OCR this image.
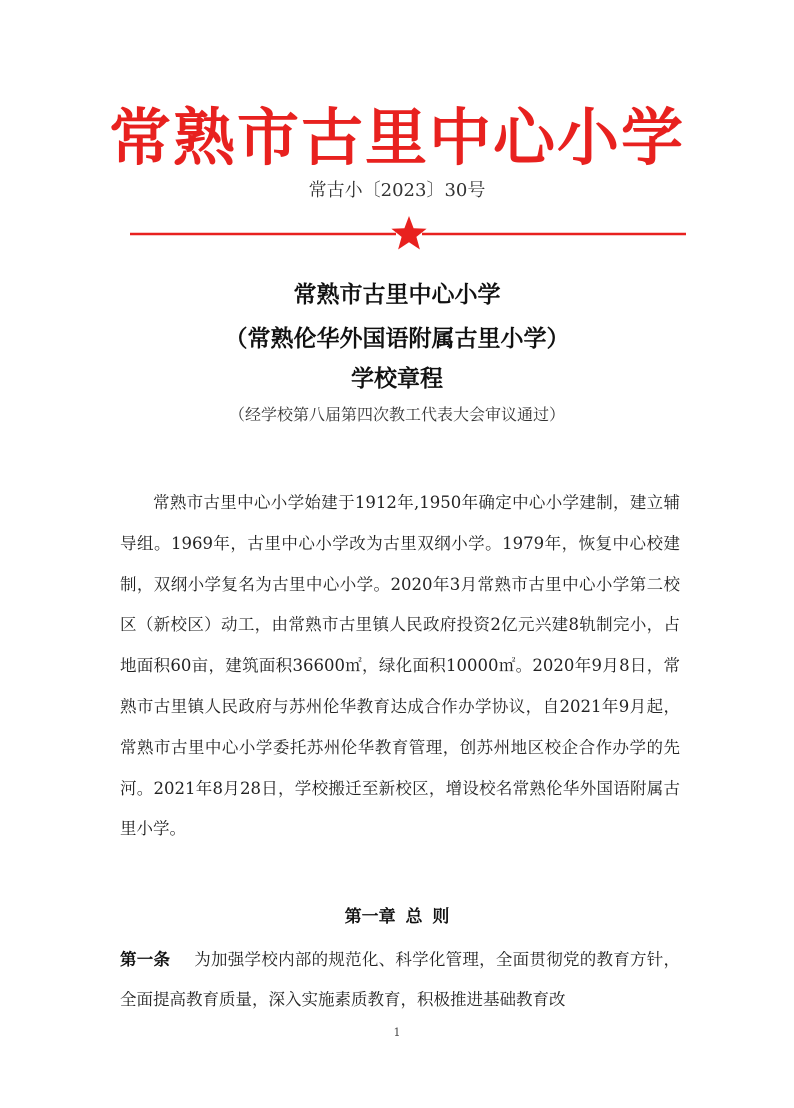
常熟市古里中心小学
常古小〔2023〕30号
常熟市古里中心小学
（常熟伦华外国语附属古里小学）
学校章程
（经学校第八届第四次教工代表大会审议通过）

常熟市古里中心小学始建于1912年,1950年确定中心小学建制，建立辅导组。1969年，古里中心小学改为古里双纲小学。1979年，恢复中心校建制，双纲小学复名为古里中心小学。2020年3月常熟市古里中心小学第二校区（新校区）动工，由常熟市古里镇人民政府投资2亿元兴建8轨制完小，占地面积60亩，建筑面积36600㎡，绿化面积10000㎡。2020年9月8日，常熟市古里镇人民政府与苏州伦华教育达成合作办学协议，自2021年9月起，常熟市古里中心小学委托苏州伦华教育管理，创苏州地区校企合作办学的先河。2021年8月28日，学校搬迁至新校区，增设校名常熟伦华外国语附属古里小学。

第一章 总 则

第一条 为加强学校内部的规范化、科学化管理，全面贯彻党的教育方针，全面提高教育质量，深入实施素质教育，积极推进基础教育改

1
